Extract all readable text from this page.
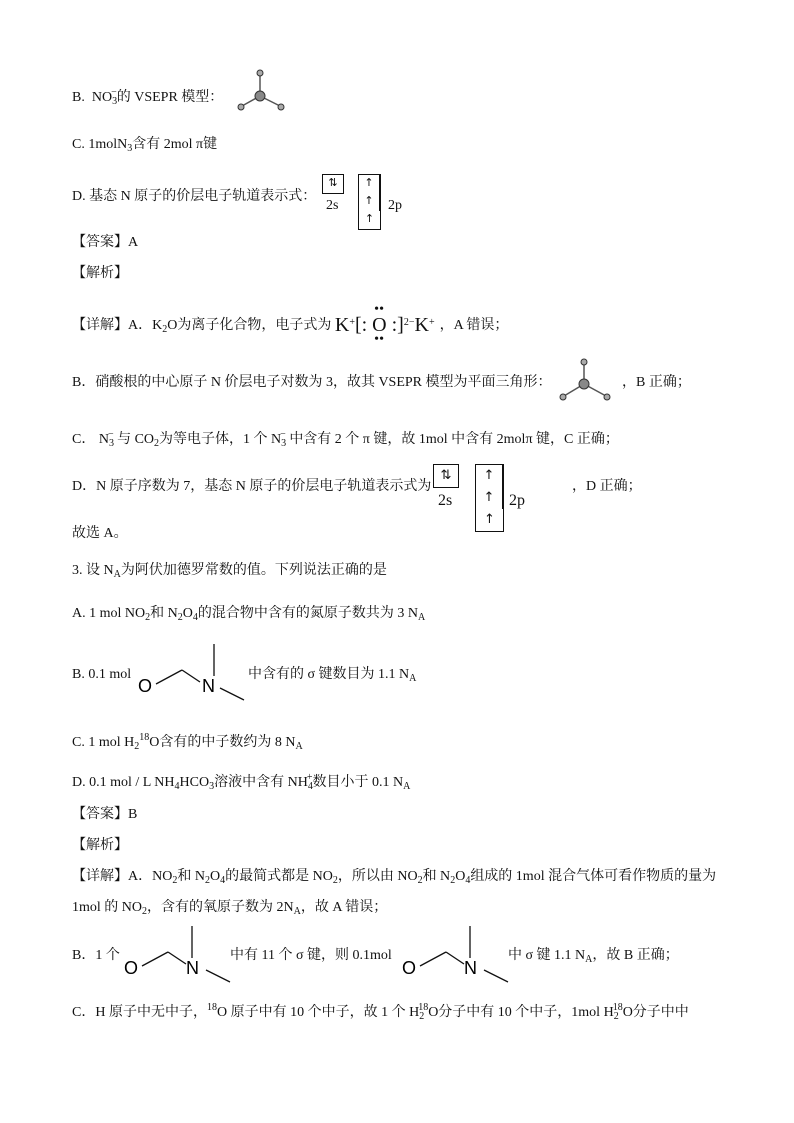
B. $NO_3^-$的 VSEPR 模型：
C. 1molN$_3$含有 2mol π键
D. 基态 N 原子的价层电子轨道表示式：
⇅	↑↑↑
2s	2p
【答案】A
【解析】
【详解】A．$K_2O$为离子化合物，电子式为 K+[:
••
O
••
:]$^{2-}$K+ ，A 错误；
B．硝酸根的中心原子 N 价层电子对数为 3，故其 VSEPR 模型为平面三角形：	，B 正确；
C． $N_3^-$ 与 $CO_2$为等电子体，1 个 $N_3^-$ 中含有 2 个 π 键，故 1mol 中含有 2molπ 键，C 正确；
D．N 原子序数为 7，基态 N 原子的价层电子轨道表示式为
⇅	↑↑↑
2s	2p
，D 正确；
故选 A。
3. 设 $N_A$为阿伏加德罗常数的值。下列说法正确的是
A. 1 mol $NO_2$和 $N_2O_4$的混合物中含有的氮原子数共为 3 $N_A$
B. 0.1 mol
O	N
中含有的 σ 键数目为 1.1 $N_A$
C. 1 mol $H_2^{18}O$含有的中子数约为 8 $N_A$
D. 0.1 mol / L $NH_4HCO_3$溶液中含有 $NH_4^+$数目小于 0.1 $N_A$
【答案】B
【解析】
【详解】A．$NO_2$和 $N_2O_4$的最简式都是 $NO_2$，所以由 $NO_2$和 $N_2O_4$组成的 1mol 混合气体可看作物质的量为
1mol 的 $NO_2$，含有的氧原子数为 $2N_A$，故 A 错误；
B．1 个
O	N
中有 11 个 σ 键，则 0.1mol
O	N
中 σ 键 1.1 $N_A$，故 B 正确；
C．H 原子中无中子，$^{18}$O 原子中有 10 个中子，故 1 个 $H_2^{18}O$分子中有 10 个中子，1mol $H_2^{18}O$分子中中
